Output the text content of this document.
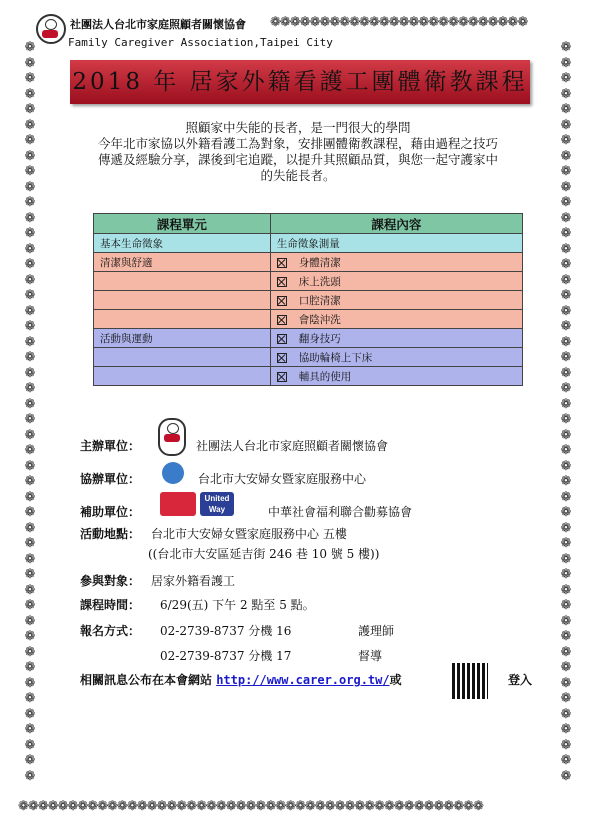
❁❁❁❁❁❁❁❁❁❁❁❁❁❁❁❁❁❁❁❁❁❁❁❁❁❁
❁❁❁❁❁❁❁❁❁❁❁❁❁❁❁❁❁❁❁❁❁❁❁❁❁❁❁❁❁❁❁❁❁❁❁❁❁❁❁❁❁❁❁❁❁❁❁
❁❁❁❁❁❁❁❁❁❁❁❁❁❁❁❁❁❁❁❁❁❁❁❁❁❁❁❁❁❁❁❁❁❁❁❁❁❁❁❁❁❁❁❁❁❁❁❁
❁❁❁❁❁❁❁❁❁❁❁❁❁❁❁❁❁❁❁❁❁❁❁❁❁❁❁❁❁❁❁❁❁❁❁❁❁❁❁❁❁❁❁❁❁❁❁❁
社團法人台北市家庭照顧者關懷協會
Family Caregiver Association,Taipei City
2018 年 居家外籍看護工團體衛教課程
照顧家中失能的長者，是一門很大的學問
今年北市家協以外籍看護工為對象，安排團體衛教課程，藉由過程之技巧
傳遞及經驗分享，課後到宅追蹤，以提升其照顧品質，與您一起守護家中
的失能長者。
課程單元	課程內容
基本生命徵象	生命徵象測量
清潔與舒適	身體清潔
	床上洗頭
	口腔清潔
	會陰沖洗
活動與運動	翻身技巧
	協助輪椅上下床
	輔具的使用
主辦單位：	社團法人台北市家庭照顧者關懷協會
協辦單位：	台北市大安婦女暨家庭服務中心
補助單位：
United Way	中華社會福利聯合勸募協會
活動地點： 台北市大安婦女暨家庭服務中心 五樓
((台北市大安區延吉街 246 巷 10 號 5 樓))
參與對象： 居家外籍看護工
課程時間： 6/29(五) 下午 2 點至 5 點。
報名方式： 02-2739-8737 分機 16	護理師
02-2739-8737 分機 17	督導
相關訊息公布在本會網站 http://www.carer.org.tw/或	登入
